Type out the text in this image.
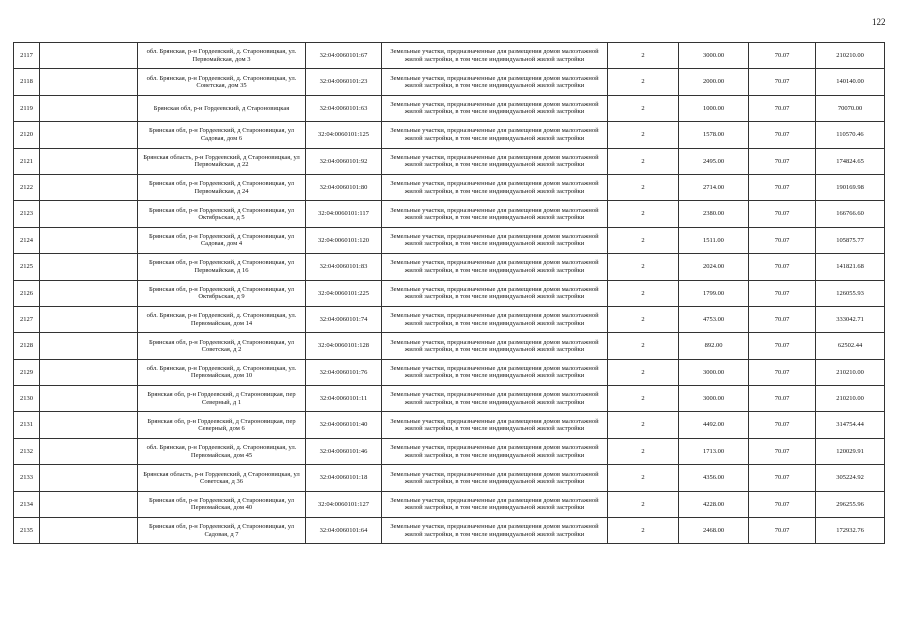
122
2117		обл. Брянская, р-н Гордеевский, д. Староновицкая, ул. Первомайская, дом 3	32:04:0060101:67	Земельные участки, предназначенные для размещения домов малоэтажной жилой застройки, в том числе индивидуальной жилой застройки	2	3000.00	70.07	210210.00
2118		обл. Брянская, р-н Гордеевский, д. Староновицкая, ул. Советская, дом 35	32:04:0060101:23	Земельные участки, предназначенные для размещения домов малоэтажной жилой застройки, в том числе индивидуальной жилой застройки	2	2000.00	70.07	140140.00
2119		Брянская обл, р-н Гордеевский, д Староновицкая	32:04:0060101:63	Земельные участки, предназначенные для размещения домов малоэтажной жилой застройки, в том числе индивидуальной жилой застройки	2	1000.00	70.07	70070.00
2120		Брянская обл, р-н Гордеевский, д Староновицкая, ул Садовая, дом 6	32:04:0060101:125	Земельные участки, предназначенные для размещения домов малоэтажной жилой застройки, в том числе индивидуальной жилой застройки	2	1578.00	70.07	110570.46
2121		Брянская область, р-н Гордеевский, д Староновицкая, ул Первомайская, д 22	32:04:0060101:92	Земельные участки, предназначенные для размещения домов малоэтажной жилой застройки, в том числе индивидуальной жилой застройки	2	2495.00	70.07	174824.65
2122		Брянская обл, р-н Гордеевский, д Староновицкая, ул Первомайская, д 24	32:04:0060101:80	Земельные участки, предназначенные для размещения домов малоэтажной жилой застройки, в том числе индивидуальной жилой застройки	2	2714.00	70.07	190169.98
2123		Брянская обл, р-н Гордеевский, д Староновицкая, ул Октябрьская, д 5	32:04:0060101:117	Земельные участки, предназначенные для размещения домов малоэтажной жилой застройки, в том числе индивидуальной жилой застройки	2	2380.00	70.07	166766.60
2124		Брянская обл, р-н Гордеевский, д Староновицкая, ул Садовая, дом 4	32:04:0060101:120	Земельные участки, предназначенные для размещения домов малоэтажной жилой застройки, в том числе индивидуальной жилой застройки	2	1511.00	70.07	105875.77
2125		Брянская обл, р-н Гордеевский, д Староновицкая, ул Первомайская, д 16	32:04:0060101:83	Земельные участки, предназначенные для размещения домов малоэтажной жилой застройки, в том числе индивидуальной жилой застройки	2	2024.00	70.07	141821.68
2126		Брянская обл, р-н Гордеевский, д Староновицкая, ул Октябрьская, д 9	32:04:0060101:225	Земельные участки, предназначенные для размещения домов малоэтажной жилой застройки, в том числе индивидуальной жилой застройки	2	1799.00	70.07	126055.93
2127		обл. Брянская, р-н Гордеевский, д. Староновицкая, ул. Первомайская, дом 14	32:04:0060101:74	Земельные участки, предназначенные для размещения домов малоэтажной жилой застройки, в том числе индивидуальной жилой застройки	2	4753.00	70.07	333042.71
2128		Брянская обл, р-н Гордеевский, д Староновицкая, ул Советская, д 2	32:04:0060101:128	Земельные участки, предназначенные для размещения домов малоэтажной жилой застройки, в том числе индивидуальной жилой застройки	2	892.00	70.07	62502.44
2129		обл. Брянская, р-н Гордеевский, д. Староновицкая, ул. Первомайская, дом 10	32:04:0060101:76	Земельные участки, предназначенные для размещения домов малоэтажной жилой застройки, в том числе индивидуальной жилой застройки	2	3000.00	70.07	210210.00
2130		Брянская обл, р-н Гордеевский, д Староновицкая, пер Северный, д 1	32:04:0060101:11	Земельные участки, предназначенные для размещения домов малоэтажной жилой застройки, в том числе индивидуальной жилой застройки	2	3000.00	70.07	210210.00
2131		Брянская обл, р-н Гордеевский, д Староновицкая, пер Северный, дом 6	32:04:0060101:40	Земельные участки, предназначенные для размещения домов малоэтажной жилой застройки, в том числе индивидуальной жилой застройки	2	4492.00	70.07	314754.44
2132		обл. Брянская, р-н Гордеевский, д. Староновицкая, ул. Первомайская, дом 45	32:04:0060101:46	Земельные участки, предназначенные для размещения домов малоэтажной жилой застройки, в том числе индивидуальной жилой застройки	2	1713.00	70.07	120029.91
2133		Брянская область, р-н Гордеевский, д Староновицкая, ул Советская, д 36	32:04:0060101:18	Земельные участки, предназначенные для размещения домов малоэтажной жилой застройки, в том числе индивидуальной жилой застройки	2	4356.00	70.07	305224.92
2134		Брянская обл, р-н Гордеевский, д Староновицкая, ул Первомайская, дом 40	32:04:0060101:127	Земельные участки, предназначенные для размещения домов малоэтажной жилой застройки, в том числе индивидуальной жилой застройки	2	4228.00	70.07	296255.96
2135		Брянская обл, р-н Гордеевский, д Староновицкая, ул Садовая, д 7	32:04:0060101:64	Земельные участки, предназначенные для размещения домов малоэтажной жилой застройки, в том числе индивидуальной жилой застройки	2	2468.00	70.07	172932.76
